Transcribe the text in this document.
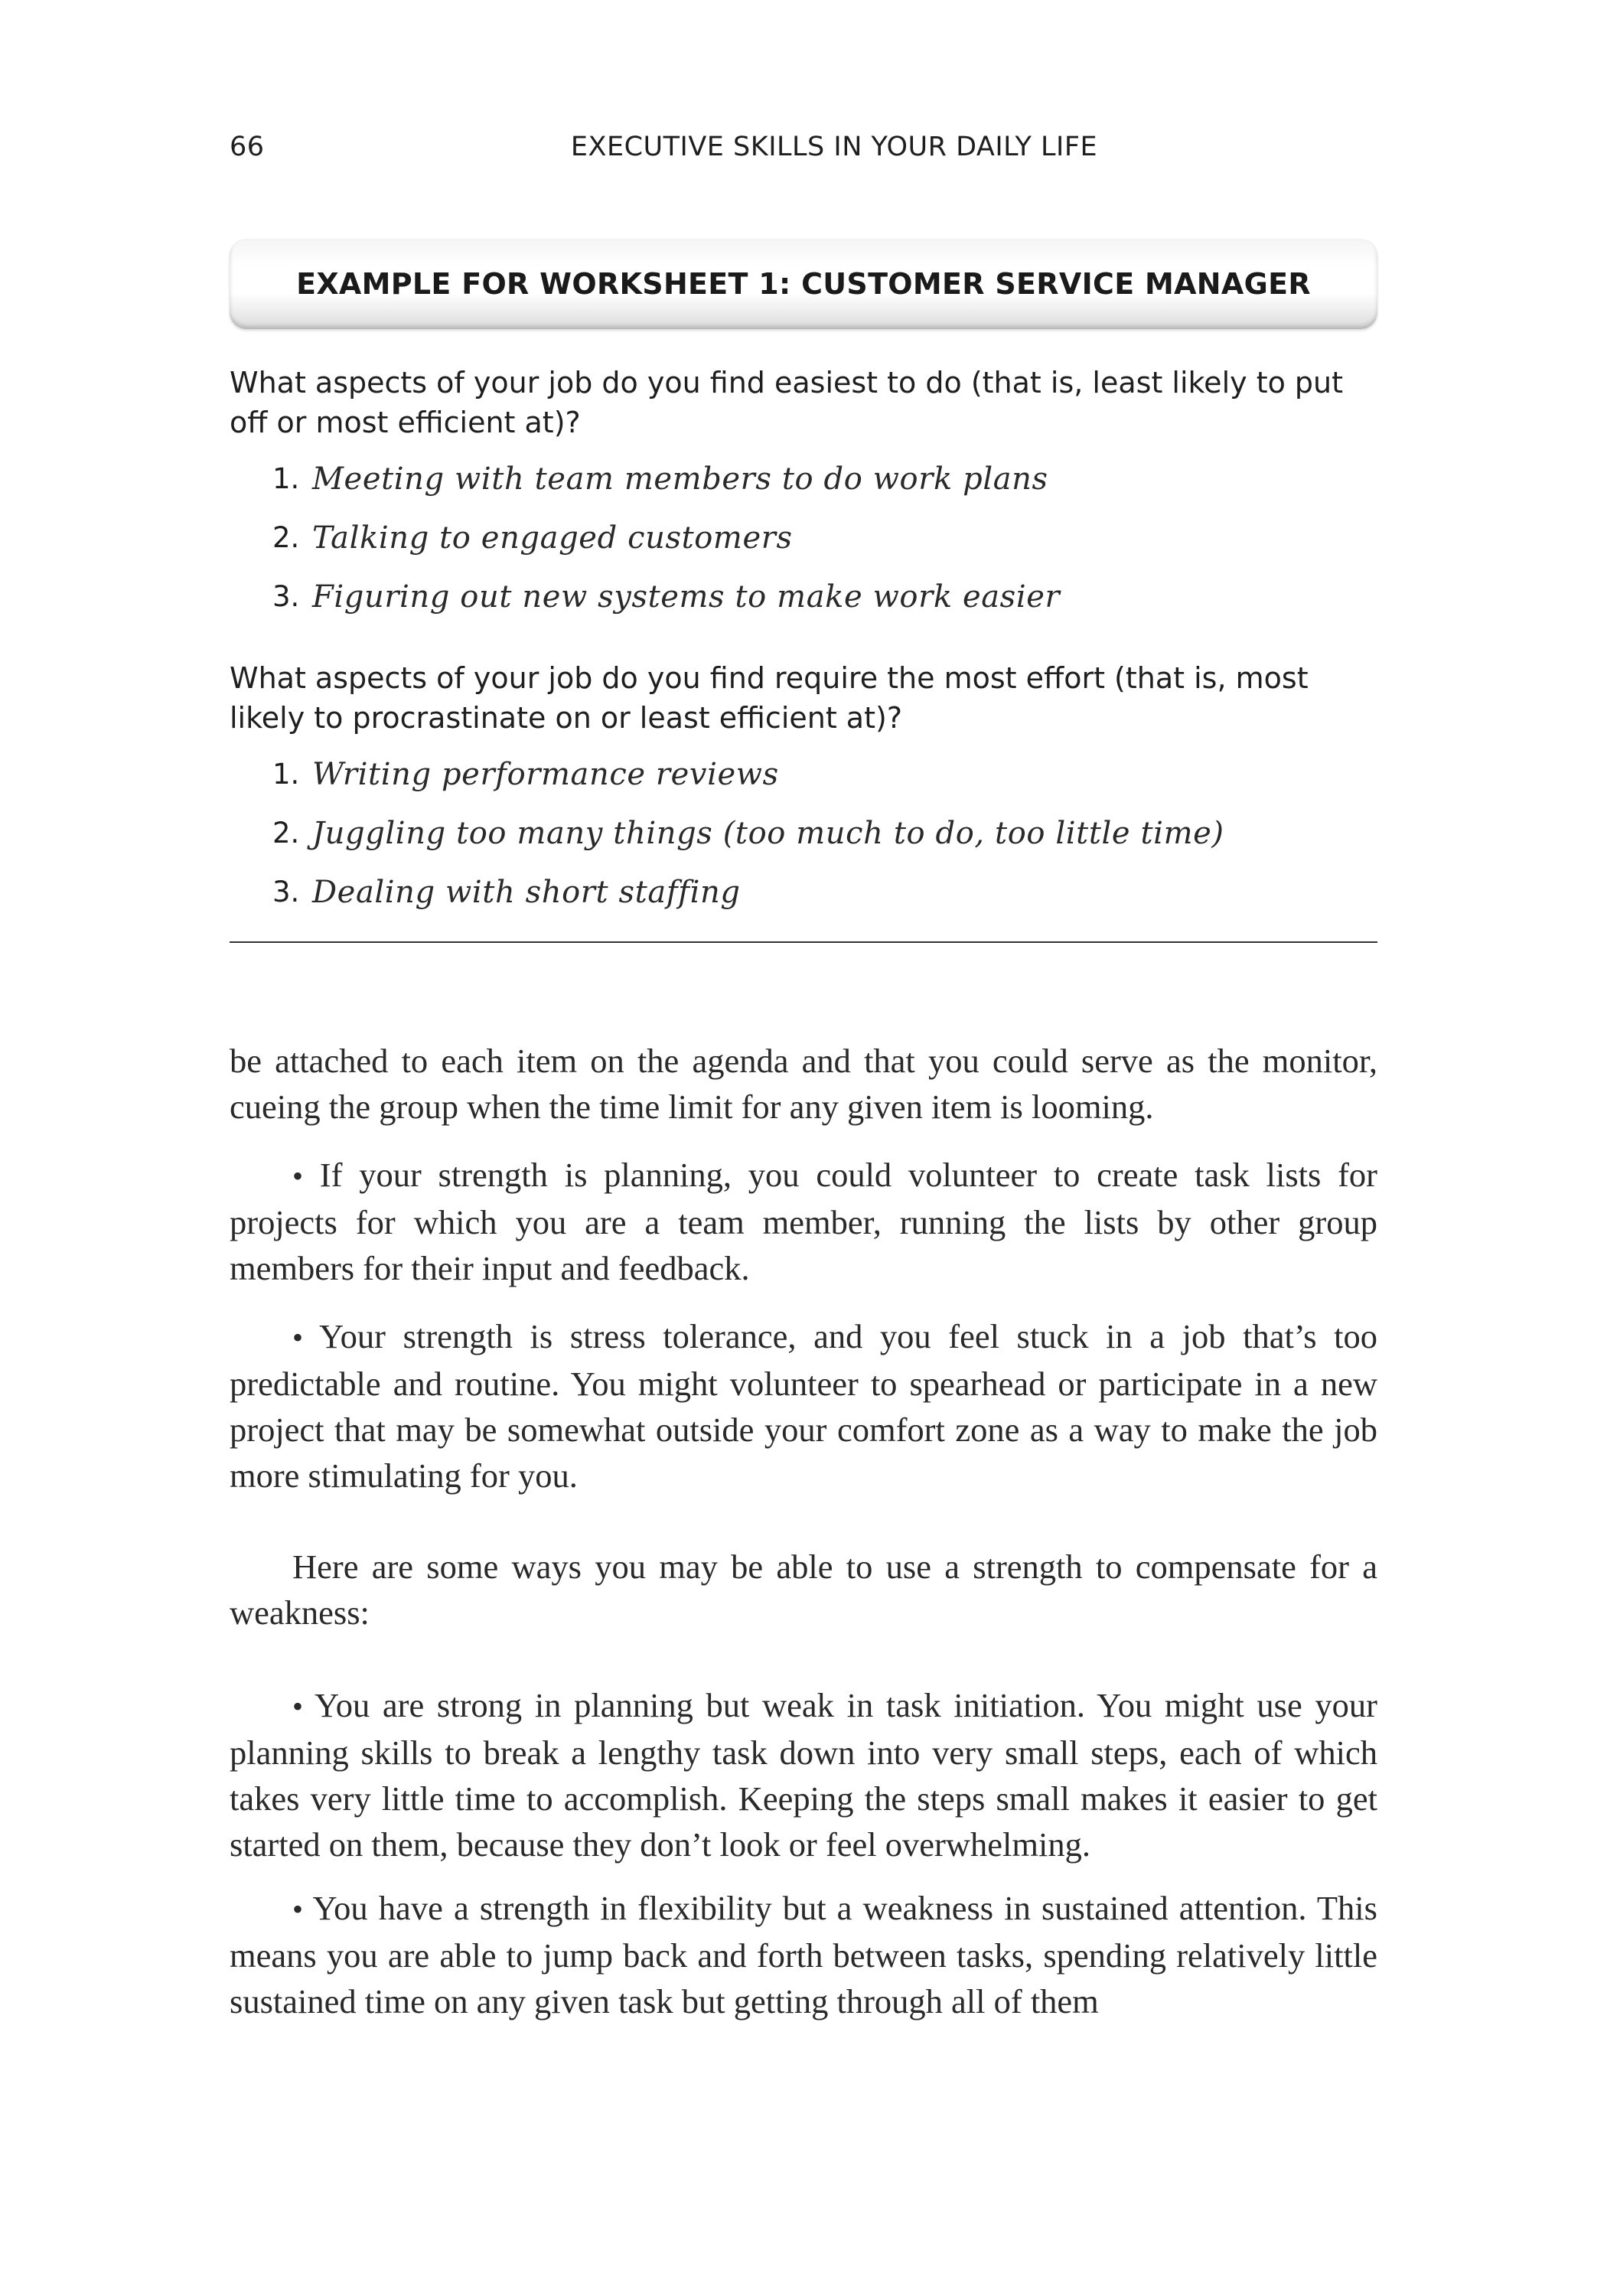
66	EXECUTIVE SKILLS IN YOUR DAILY LIFE
EXAMPLE FOR WORKSHEET 1: CUSTOMER SERVICE MANAGER
What aspects of your job do you find easiest to do (that is, least likely to put off or most efficient at)?
1. Meeting with team members to do work plans
2. Talking to engaged customers
3. Figuring out new systems to make work easier
What aspects of your job do you find require the most effort (that is, most likely to procrastinate on or least efficient at)?
1. Writing performance reviews
2. Juggling too many things (too much to do, too little time)
3. Dealing with short staffing

be attached to each item on the agenda and that you could serve as the monitor, cueing the group when the time limit for any given item is looming.

• If your strength is planning, you could volunteer to create task lists for projects for which you are a team member, running the lists by other group members for their input and feedback.

• Your strength is stress tolerance, and you feel stuck in a job that’s too predictable and routine. You might volunteer to spearhead or participate in a new project that may be somewhat outside your comfort zone as a way to make the job more stimulating for you.

Here are some ways you may be able to use a strength to compensate for a weakness:

• You are strong in planning but weak in task initiation. You might use your planning skills to break a lengthy task down into very small steps, each of which takes very little time to accomplish. Keeping the steps small makes it easier to get started on them, because they don’t look or feel overwhelming.

• You have a strength in flexibility but a weakness in sustained attention. This means you are able to jump back and forth between tasks, spending relatively little sustained time on any given task but getting through all of them
